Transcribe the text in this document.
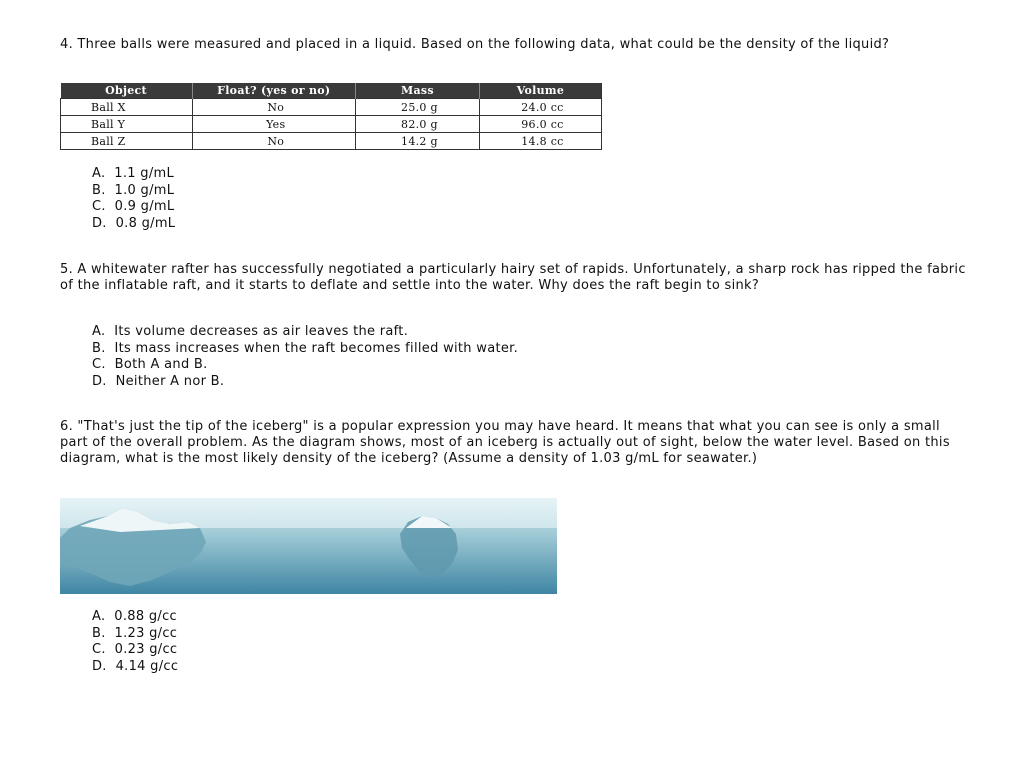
4. Three balls were measured and placed in a liquid. Based on the following data, what could be the density of the liquid?

Object	Float? (yes or no)	Mass	Volume
Ball X	No	25.0 g	24.0 cc
Ball Y	Yes	82.0 g	96.0 cc
Ball Z	No	14.2 g	14.8 cc
A.  1.1 g/mL
B.  1.0 g/mL
C.  0.9 g/mL
D.  0.8 g/mL

5. A whitewater rafter has successfully negotiated a particularly hairy set of rapids. Unfortunately, a sharp rock has ripped the fabric of the inflatable raft, and it starts to deflate and settle into the water. Why does the raft begin to sink?

A.  Its volume decreases as air leaves the raft.
B.  Its mass increases when the raft becomes filled with water.
C.  Both A and B.
D.  Neither A nor B.

6. "That's just the tip of the iceberg" is a popular expression you may have heard. It means that what you can see is only a small part of the overall problem. As the diagram shows, most of an iceberg is actually out of sight, below the water level. Based on this diagram, what is the most likely density of the iceberg? (Assume a density of 1.03 g/mL for seawater.)

A.  0.88 g/cc
B.  1.23 g/cc
C.  0.23 g/cc
D.  4.14 g/cc
